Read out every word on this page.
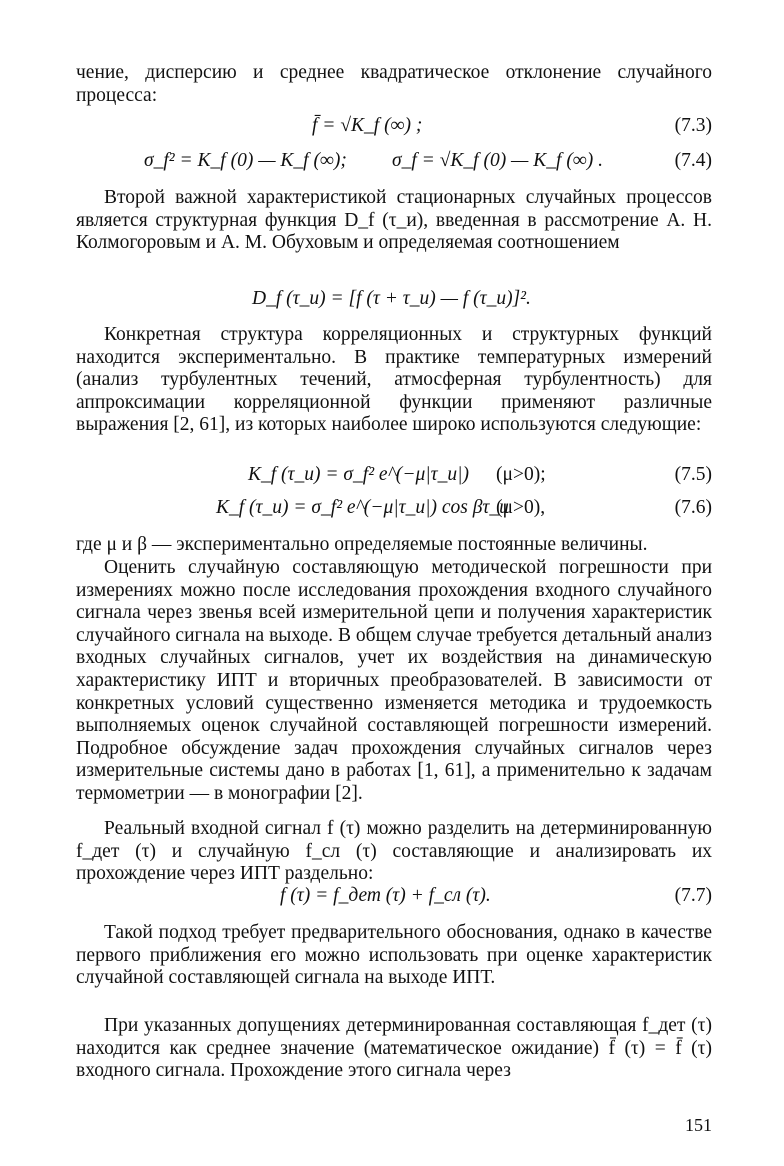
чение, дисперсию и среднее квадратическое отклонение случайного процесса:

f̄ = √K_f (∞) ;	(7.3)
σ_f² = K_f (0) — K_f (∞); σ_f = √K_f (0) — K_f (∞) .	(7.4)

Второй важной характеристикой стационарных случайных процессов является структурная функция D_f (τ_и), введенная в рассмотрение А. Н. Колмогоровым и А. М. Обуховым и определяемая соотношением

D_f (τ_и) = [f (τ + τ_и) — f (τ_и)]².

Конкретная структура корреляционных и структурных функций находится экспериментально. В практике температурных измерений (анализ турбулентных течений, атмосферная турбулентность) для аппроксимации корреляционной функции применяют различные выражения [2, 61], из которых наиболее широко используются следующие:

K_f (τ_и) = σ_f² e^(−μ|τ_и|) (μ>0);	(7.5)
K_f (τ_и) = σ_f² e^(−μ|τ_и|) cos βτ_и
(μ>0),	(7.6)

где μ и β — экспериментально определяемые постоянные величины.

Оценить случайную составляющую методической погрешности при измерениях можно после исследования прохождения входного случайного сигнала через звенья всей измерительной цепи и получения характеристик случайного сигнала на выходе. В общем случае требуется детальный анализ входных случайных сигналов, учет их воздействия на динамическую характеристику ИПТ и вторичных преобразователей. В зависимости от конкретных условий существенно изменяется методика и трудоемкость выполняемых оценок случайной составляющей погрешности измерений. Подробное обсуждение задач прохождения случайных сигналов через измерительные системы дано в работах [1, 61], а применительно к задачам термометрии — в монографии [2].

Реальный входной сигнал f (τ) можно разделить на детерминированную f_дет (τ) и случайную f_сл (τ) составляющие и анализировать их прохождение через ИПТ раздельно:

f (τ) = f_дет (τ) + f_сл (τ).	(7.7)

Такой подход требует предварительного обоснования, однако в качестве первого приближения его можно использовать при оценке характеристик случайной составляющей сигнала на выходе ИПТ.

При указанных допущениях детерминированная составляющая f_дет (τ) находится как среднее значение (математическое ожидание) f̄ (τ) = f̄ (τ) входного сигнала. Прохождение этого сигнала через

151
